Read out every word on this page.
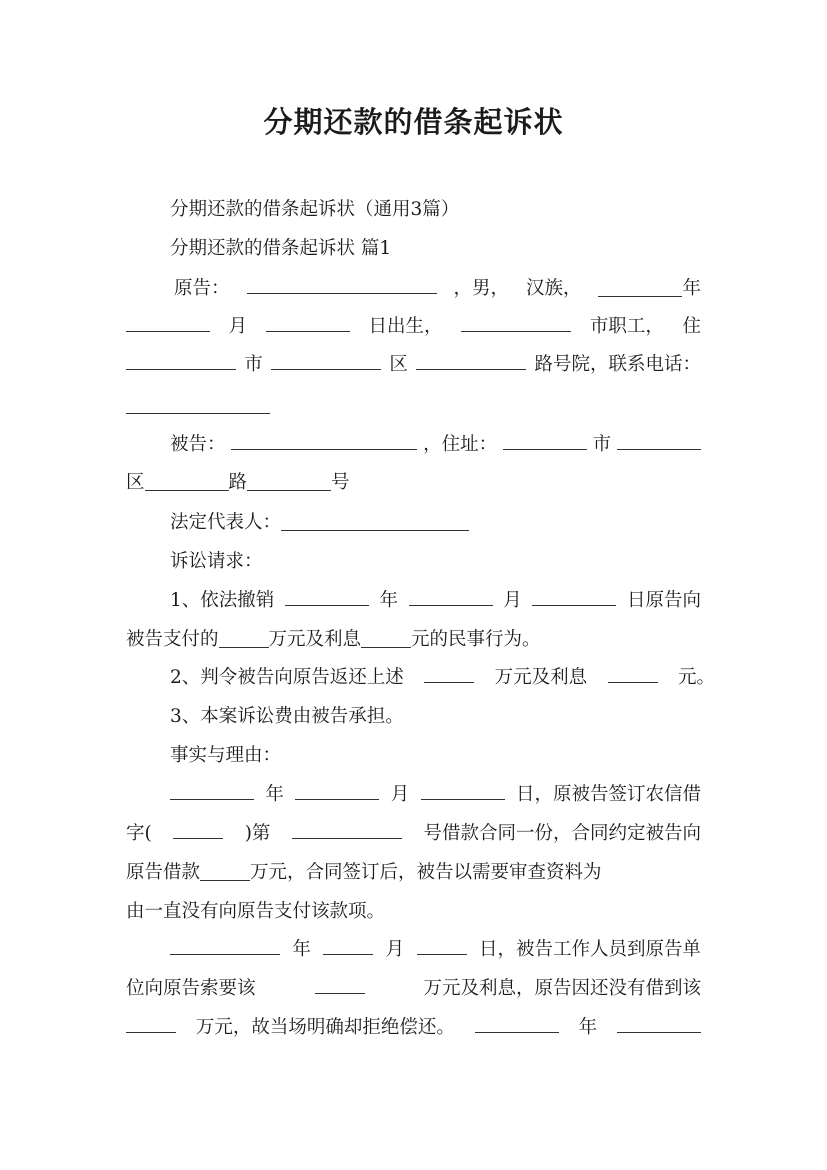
分期还款的借条起诉状
分期还款的借条起诉状（通用3篇）
分期还款的借条起诉状 篇1
原告：	，男， 汉族，	年
月	日出生，	市职工， 住
市	区	路号院，联系电话：
被告：	，住址：	市
区	路	号
法定代表人：
诉讼请求：
1、依法撤销	年	月	日原告向
被告支付的	万元及利息	元的民事行为。
2、判令被告向原告返还上述	万元及利息	元。
3、本案诉讼费由被告承担。
事实与理由：
年	月	日，原被告签订农信借
字(	)第	号借款合同一份，合同约定被告向
原告借款	万元，合同签订后，被告以需要审查资料为
由一直没有向原告支付该款项。
年	月	日，被告工作人员到原告单
位向原告索要该	万元及利息，原告因还没有借到该
万元，故当场明确却拒绝偿还。	年
